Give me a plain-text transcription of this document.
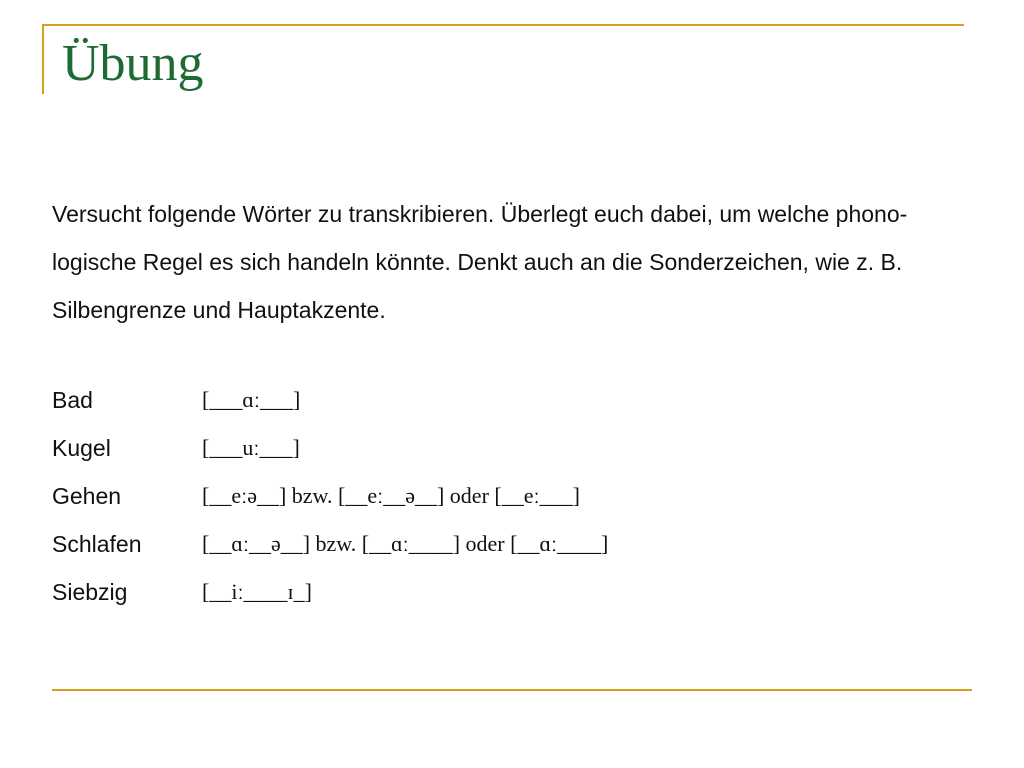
Übung
Versucht folgende Wörter zu transkribieren. Überlegt euch dabei, um welche phono-
logische Regel es sich handeln könnte. Denkt auch an die Sonderzeichen, wie z. B.
Silbengrenze und Hauptakzente.
Bad	[___ɑː___]
Kugel	[___uː___]
Gehen	[__eːə__] bzw. [__eː__ə__] oder [__eː___]
Schlafen	[__ɑː__ə__] bzw. [__ɑː____] oder [__ɑː____]
Siebzig	[__iː____ɪ_]
